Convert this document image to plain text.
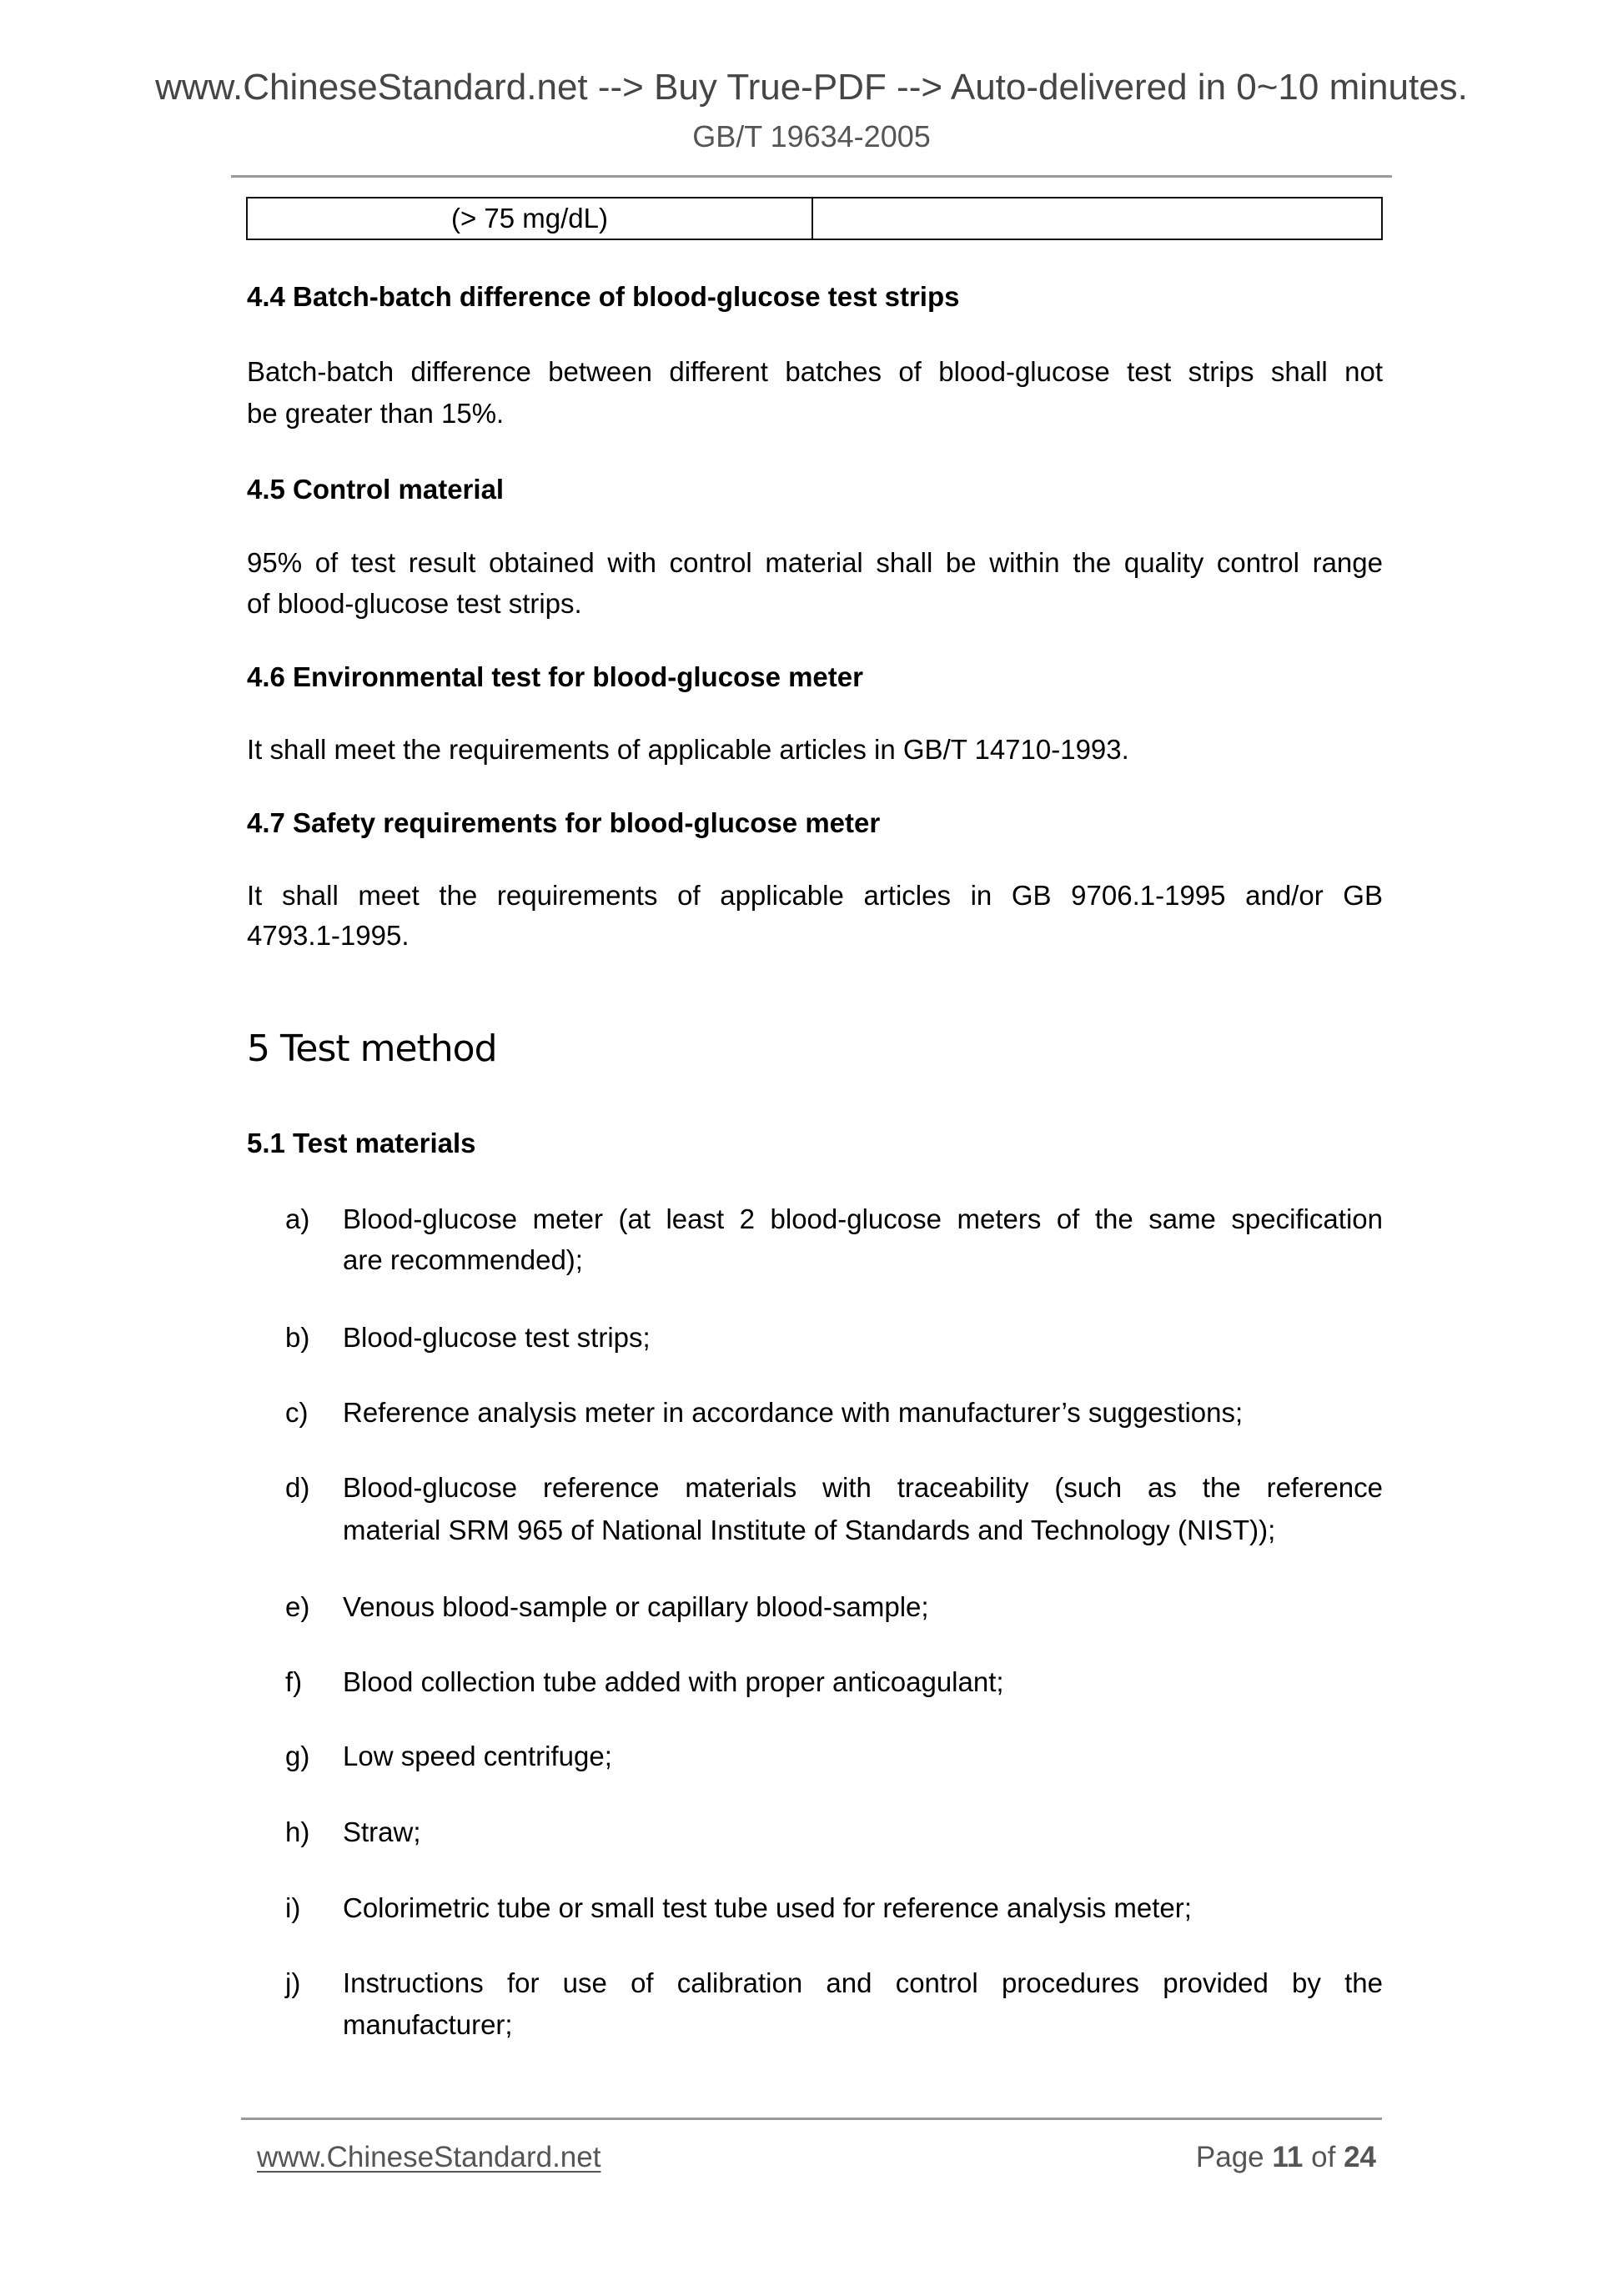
www.ChineseStandard.net --> Buy True-PDF --> Auto-delivered in 0~10 minutes.
GB/T 19634-2005
(> 75 mg/dL)
4.4 Batch-batch difference of blood-glucose test strips
Batch-batch difference between different batches of blood-glucose test strips shall not
be greater than 15%.
4.5 Control material
95% of test result obtained with control material shall be within the quality control range
of blood-glucose test strips.
4.6 Environmental test for blood-glucose meter
It shall meet the requirements of applicable articles in GB/T 14710-1993.
4.7 Safety requirements for blood-glucose meter
It shall meet the requirements of applicable articles in GB 9706.1-1995 and/or GB
4793.1-1995.
5 Test method
5.1 Test materials
a) Blood-glucose meter (at least 2 blood-glucose meters of the same specification
are recommended);
b) Blood-glucose test strips;
c) Reference analysis meter in accordance with manufacturer’s suggestions;
d) Blood-glucose reference materials with traceability (such as the reference
material SRM 965 of National Institute of Standards and Technology (NIST));
e) Venous blood-sample or capillary blood-sample;
f) Blood collection tube added with proper anticoagulant;
g) Low speed centrifuge;
h) Straw;
i) Colorimetric tube or small test tube used for reference analysis meter;
j) Instructions for use of calibration and control procedures provided by the
manufacturer;
www.ChineseStandard.net	Page 11 of 24
